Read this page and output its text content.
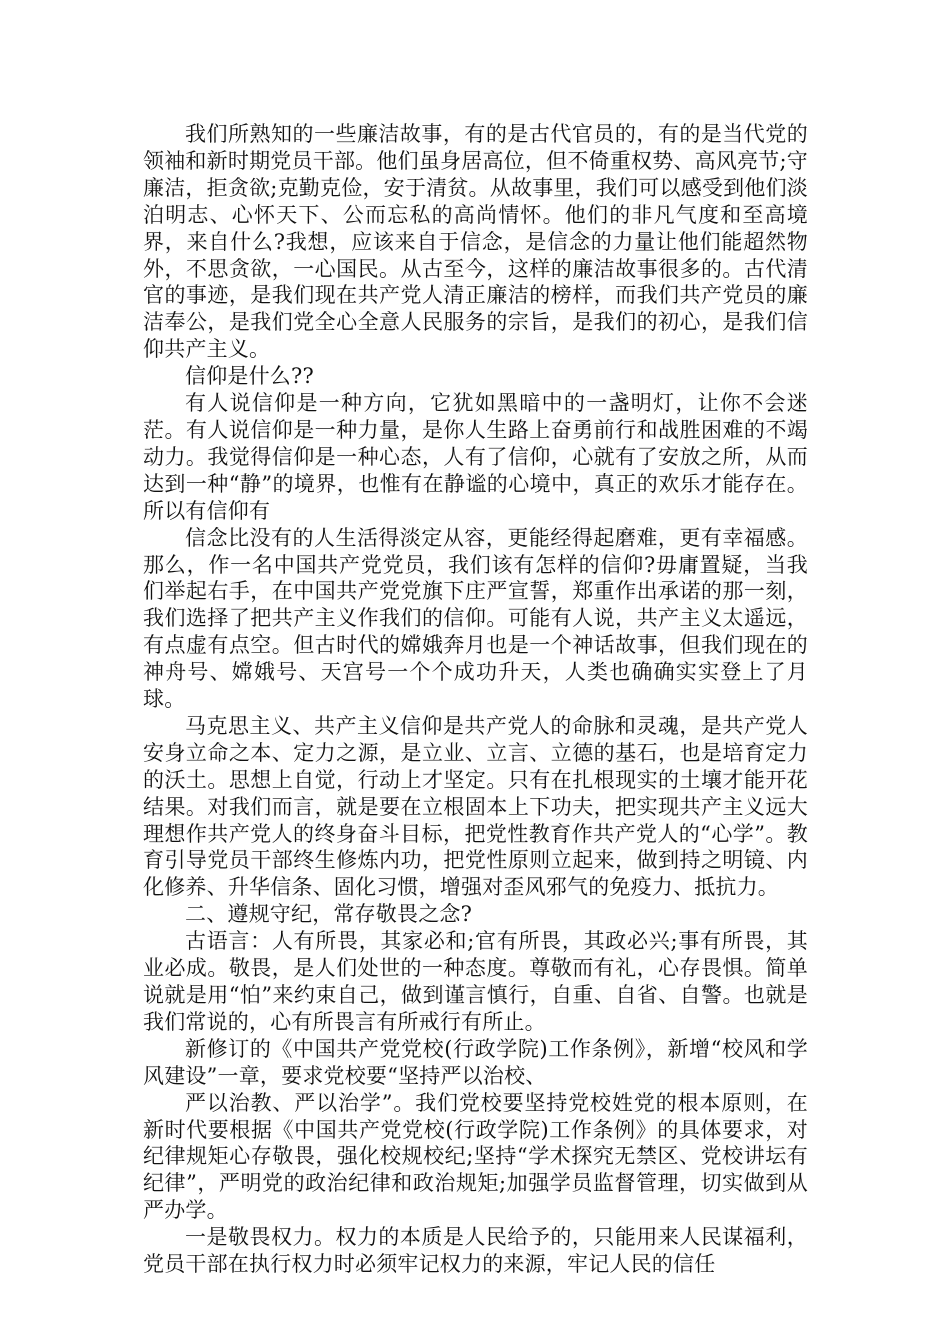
我们所熟知的一些廉洁故事，有的是古代官员的，有的是当代党的领袖和新时期党员干部。他们虽身居高位，但不倚重权势、高风亮节;守廉洁，拒贪欲;克勤克俭，安于清贫。从故事里，我们可以感受到他们淡泊明志、心怀天下、公而忘私的高尚情怀。他们的非凡气度和至高境界，来自什么?我想，应该来自于信念，是信念的力量让他们能超然物外，不思贪欲，一心国民。从古至今，这样的廉洁故事很多的。古代清官的事迹，是我们现在共产党人清正廉洁的榜样，而我们共产党员的廉洁奉公，是我们党全心全意人民服务的宗旨，是我们的初心，是我们信仰共产主义。

信仰是什么??

有人说信仰是一种方向，它犹如黑暗中的一盏明灯，让你不会迷茫。有人说信仰是一种力量，是你人生路上奋勇前行和战胜困难的不竭动力。我觉得信仰是一种心态，人有了信仰，心就有了安放之所，从而达到一种“静”的境界，也惟有在静谧的心境中，真正的欢乐才能存在。所以有信仰有

信念比没有的人生活得淡定从容，更能经得起磨难，更有幸福感。那么，作一名中国共产党党员，我们该有怎样的信仰?毋庸置疑，当我们举起右手，在中国共产党党旗下庄严宣誓，郑重作出承诺的那一刻，我们选择了把共产主义作我们的信仰。可能有人说，共产主义太遥远，有点虚有点空。但古时代的嫦娥奔月也是一个神话故事，但我们现在的神舟号、嫦娥号、天宫号一个个成功升天，人类也确确实实登上了月球。

马克思主义、共产主义信仰是共产党人的命脉和灵魂，是共产党人安身立命之本、定力之源，是立业、立言、立德的基石，也是培育定力的沃土。思想上自觉，行动上才坚定。只有在扎根现实的土壤才能开花结果。对我们而言，就是要在立根固本上下功夫，把实现共产主义远大理想作共产党人的终身奋斗目标，把党性教育作共产党人的“心学”。教育引导党员干部终生修炼内功，把党性原则立起来，做到持之明镜、内化修养、升华信条、固化习惯，增强对歪风邪气的免疫力、抵抗力。

二、遵规守纪，常存敬畏之念?

古语言：人有所畏，其家必和;官有所畏，其政必兴;事有所畏，其业必成。敬畏，是人们处世的一种态度。尊敬而有礼，心存畏惧。简单说就是用“怕”来约束自己，做到谨言慎行，自重、自省、自警。也就是我们常说的，心有所畏言有所戒行有所止。

新修订的《中国共产党党校(行政学院)工作条例》，新增“校风和学风建设”一章，要求党校要“坚持严以治校、

严以治教、严以治学”。我们党校要坚持党校姓党的根本原则，在新时代要根据《中国共产党党校(行政学院)工作条例》的具体要求，对纪律规矩心存敬畏，强化校规校纪;坚持“学术探究无禁区、党校讲坛有纪律”，严明党的政治纪律和政治规矩;加强学员监督管理，切实做到从严办学。

一是敬畏权力。权力的本质是人民给予的，只能用来人民谋福利，党员干部在执行权力时必须牢记权力的来源，牢记人民的信任
